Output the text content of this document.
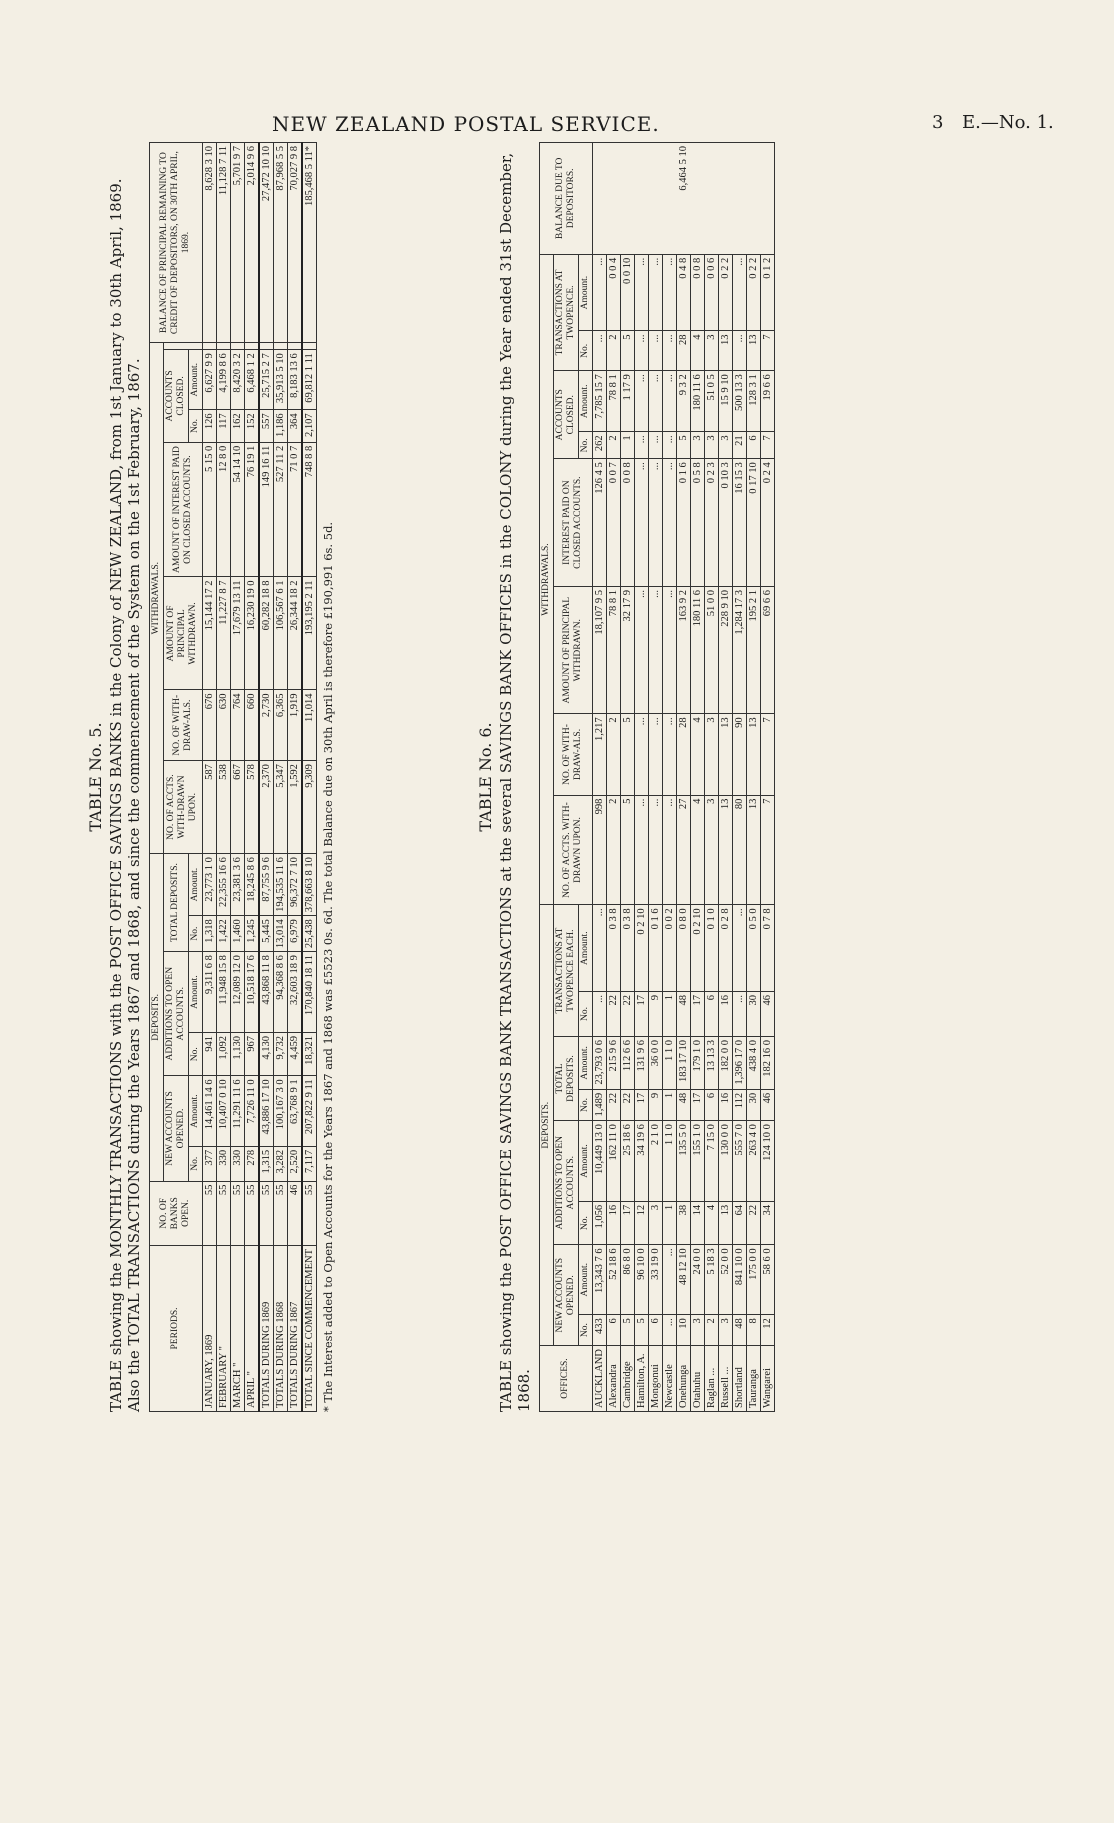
NEW ZEALAND POSTAL SERVICE.	3 E.—No. 1.
TABLE No. 5. TABLE showing the MONTHLY TRANSACTIONS with the POST OFFICE SAVINGS BANKS in the Colony of NEW ZEALAND, from 1st January to 30th April, 1869. Also the TOTAL TRANSACTIONS during the Years 1867 and 1868, and since the commencement of the System on the 1st February, 1867.	PERIODS.	NO. OF BANKS OPEN.	DEPOSITS.						WITHDRAWALS.							BALANCE OF PRINCIPAL REMAINING TO CREDIT OF DEPOSITORS, ON 30TH APRIL, 1869.
		NEW ACCOUNTS OPENED.		ADDITIONS TO OPEN ACCOUNTS.		TOTAL DEPOSITS.		NO. OF ACCTS. WITH-DRAWN UPON.	NO. OF WITH-DRAW-ALS.	AMOUNT OF PRINCIPAL WITHDRAWN.	AMOUNT OF INTEREST PAID ON CLOSED ACCOUNTS.	ACCOUNTS CLOSED.			
		No.	Amount.	No.	Amount.	No.	Amount.					No.	Amount.		
JANUARY, 1869	55	377	14,461 14 6	941	9,311 6 8	1,318	23,773 1 0	587	676	15,144 17 2	5 15 0	126	6,627 9 9		8,628 3 10
FEBRUARY "	55	330	10,407 0 10	1,092	11,948 15 8	1,422	22,355 16 6	538	630	11,227 8 7	12 8 0	117	4,199 8 6		11,128 7 11
MARCH "	55	330	11,291 11 6	1,130	12,089 12 0	1,460	23,381 3 6	667	764	17,679 13 11	54 14 10	162	8,420 3 2		5,701 9 7
APRIL "	55	278	7,726 11 0	967	10,518 17 6	1,245	18,245 8 6	578	660	16,230 19 0	76 19 1	152	6,468 1 2		2,014 9 6
TOTALS DURING 1869	55	1,315	43,886 17 10	4,130	43,868 11 8	5,445	87,755 9 6	2,370	2,730	60,282 18 8	149 16 11	557	25,715 2 7		27,472 10 10
TOTALS DURING 1868	55	3,282	100,167 3 0	9,732	94,368 8 6	13,014	194,535 11 6	5,347	6,365	106,567 6 1	527 11 2	1,186	35,913 5 10		87,968 5 5
TOTALS DURING 1867	46	2,520	63,768 9 1	4,459	32,603 18 9	6,979	96,372 7 10	1,592	1,919	26,344 18 2	71 0 7	364	8,183 13 6		70,027 9 8
TOTAL SINCE COMMENCEMENT	55	7,117	207,822 9 11	18,321	170,840 18 11	25,438	378,663 8 10	9,309	11,014	193,195 2 11	748 8 8	2,107	69,812 1 11		185,468 5 11*
* The Interest added to Open Accounts for the Years 1867 and 1868 was £5523 0s. 6d. The total Balance due on 30th April is therefore £190,991 6s. 5d.	TABLE No. 6. TABLE showing the POST OFFICE SAVINGS BANK TRANSACTIONS at the several SAVINGS BANK OFFICES in the COLONY during the Year ended 31st December, 1868.	OFFICES.	DEPOSITS.								WITHDRAWALS.								BALANCE DUE TO DEPOSITORS.
	NEW ACCOUNTS OPENED.		ADDITIONS TO OPEN ACCOUNTS.		TOTAL DEPOSITS.		TRANSACTIONS AT TWOPENCE EACH.		NO. OF ACCTS. WITH-DRAWN UPON.	NO. OF WITH-DRAW-ALS.	AMOUNT OF PRINCIPAL WITHDRAWN.	INTEREST PAID ON CLOSED ACCOUNTS.	ACCOUNTS CLOSED.		TRANSACTIONS AT TWOPENCE.		
	No.	Amount.	No.	Amount.	No.	Amount.	No.	Amount.					No.	Amount.	No.	Amount.	
AUCKLAND	433	13,343 7 6	1,056	10,449 13 0	1,489	23,793 0 6	...	...	998	1,217	18,107 9 5	126 4 5	262	7,785 15 7	...	...	6,464 5 10
Alexandra	6	52 18 6	16	162 11 0	22	215 9 6	22	0 3 8	2	2	78 8 1	0 0 7	2	78 8 1	2	0 0 4	
Cambridge	5	86 8 0	17	25 18 6	22	112 6 6	22	0 3 8	5	5	32 17 9	0 0 8	1	1 17 9	5	0 0 10	
Hamilton, A.	5	96 10 0	12	34 19 6	17	131 9 6	17	0 2 10	...	...	...	...	...	...	...	...	
Mongonui	6	33 19 0	3	2 1 0	9	36 0 0	9	0 1 6	...	...	...	...	...	...	...	...	
Newcastle	...	...	1	1 1 0	1	1 1 0	1	0 0 2	...	...	...	...	...	...	...	...	
Onehunga	10	48 12 10	38	135 5 0	48	183 17 10	48	0 8 0	27	28	163 9 2	0 1 6	5	9 3 2	28	0 4 8	
Otahuhu	3	24 0 0	14	155 1 0	17	179 1 0	17	0 2 10	4	4	180 11 6	0 5 8	3	180 11 6	4	0 0 8	
Raglan ...	2	5 18 3	4	7 15 0	6	13 13 3	6	0 1 0	3	3	51 0 0	0 2 3	3	51 0 5	3	0 0 6	
Russell ...	3	52 0 0	13	130 0 0	16	182 0 0	16	0 2 8	13	13	228 9 10	0 10 3	3	15 9 10	13	0 2 2	
Shortland	48	841 10 0	64	555 7 0	112	1,396 17 0	...	...	80	90	1,284 17 3	16 15 3	21	500 13 3	...	...	
Tauranga	8	175 0 0	22	263 4 0	30	438 4 0	30	0 5 0	13	13	195 2 1	0 17 10	6	128 3 1	13	0 2 2	
Wangarei	12	58 6 0	34	124 10 0	46	182 16 0	46	0 7 8	7	7	69 6 6	0 2 4	7	19 6 6	7	0 1 2	
